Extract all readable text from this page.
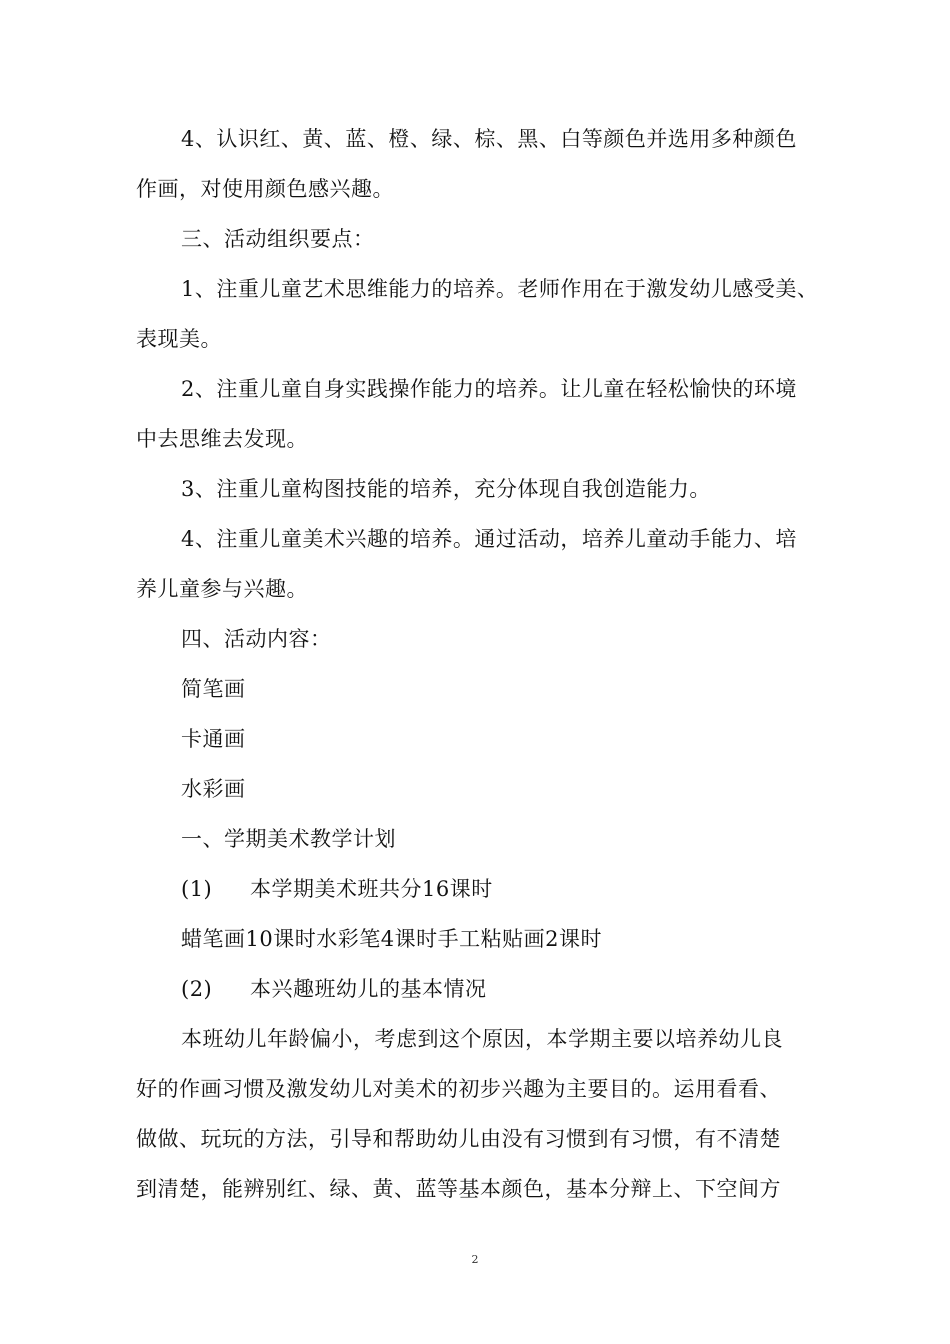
4、认识红、黄、蓝、橙、绿、棕、黑、白等颜色并选用多种颜色
作画，对使用颜色感兴趣。
三、活动组织要点：
1、注重儿童艺术思维能力的培养。老师作用在于激发幼儿感受美、
表现美。
2、注重儿童自身实践操作能力的培养。让儿童在轻松愉快的环境
中去思维去发现。
3、注重儿童构图技能的培养，充分体现自我创造能力。
4、注重儿童美术兴趣的培养。通过活动，培养儿童动手能力、培
养儿童参与兴趣。
四、活动内容：
简笔画
卡通画
水彩画
一、学期美术教学计划
(1) 本学期美术班共分16课时
蜡笔画10课时水彩笔4课时手工粘贴画2课时
(2) 本兴趣班幼儿的基本情况
本班幼儿年龄偏小，考虑到这个原因，本学期主要以培养幼儿良
好的作画习惯及激发幼儿对美术的初步兴趣为主要目的。运用看看、
做做、玩玩的方法，引导和帮助幼儿由没有习惯到有习惯，有不清楚
到清楚，能辨别红、绿、黄、蓝等基本颜色，基本分辩上、下空间方
2
